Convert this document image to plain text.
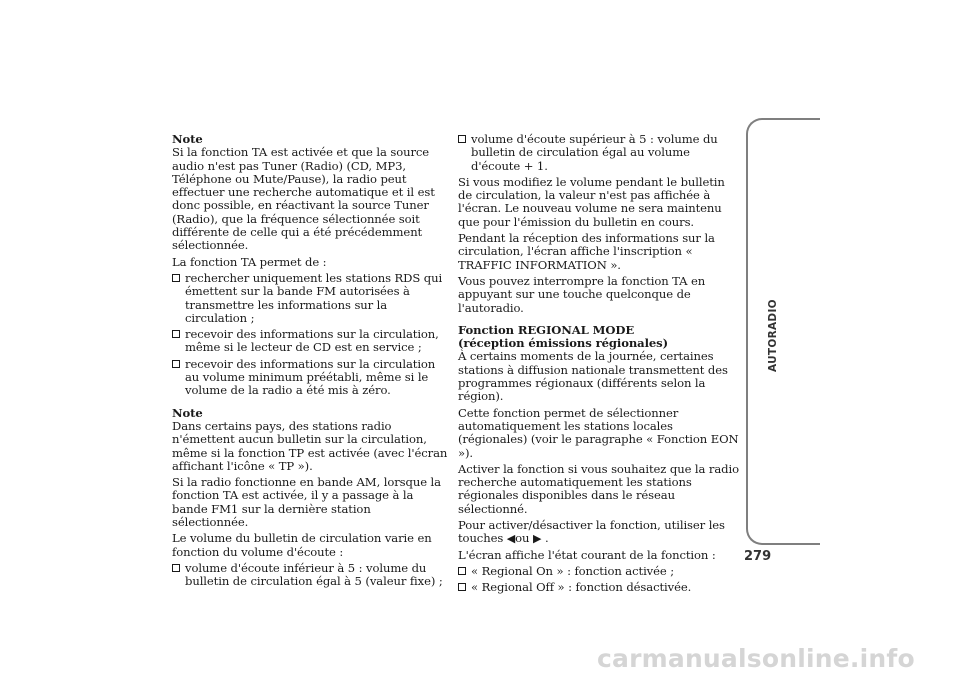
Note

Si la fonction TA est activée et que la source audio n'est pas Tuner (Radio) (CD, MP3, Téléphone ou Mute/Pause), la radio peut effectuer une recherche automatique et il est donc possible, en réactivant la source Tuner (Radio), que la fréquence sélectionnée soit différente de celle qui a été précédemment sélectionnée.

La fonction TA permet de :

rechercher uniquement les stations RDS qui émettent sur la bande FM autorisées à transmettre les informations sur la circulation ;
recevoir des informations sur la circulation, même si le lecteur de CD est en service ;
recevoir des informations sur la circulation au volume minimum préétabli, même si le volume de la radio a été mis à zéro.

Note

Dans certains pays, des stations radio n'émettent aucun bulletin sur la circulation, même si la fonction TP est activée (avec l'écran affichant l'icône « TP »).

Si la radio fonctionne en bande AM, lorsque la fonction TA est activée, il y a passage à la bande FM1 sur la dernière station sélectionnée.

Le volume du bulletin de circulation varie en fonction du volume d'écoute :

volume d'écoute inférieur à 5 : volume du bulletin de circulation égal à 5 (valeur fixe) ;
volume d'écoute supérieur à 5 : volume du bulletin de circulation égal au volume d'écoute + 1.

Si vous modifiez le volume pendant le bulletin de circulation, la valeur n'est pas affichée à l'écran. Le nouveau volume ne sera maintenu que pour l'émission du bulletin en cours.

Pendant la réception des informations sur la circulation, l'écran affiche l'inscription « TRAFFIC INFORMATION ».

Vous pouvez interrompre la fonction TA en appuyant sur une touche quelconque de l'autoradio.

Fonction REGIONAL MODE

(réception émissions régionales)

À certains moments de la journée, certaines stations à diffusion nationale transmettent des programmes régionaux (différents selon la région).

Cette fonction permet de sélectionner automatiquement les stations locales (régionales) (voir le paragraphe « Fonction EON »).

Activer la fonction si vous souhaitez que la radio recherche automatiquement les stations régionales disponibles dans le réseau sélectionné.

Pour activer/désactiver la fonction, utiliser les
touches ◀ou ▶ .

L'écran affiche l'état courant de la fonction :

« Regional On » : fonction activée ;
« Regional Off » : fonction désactivée.
AUTORADIO
279
carmanualsonline.info
